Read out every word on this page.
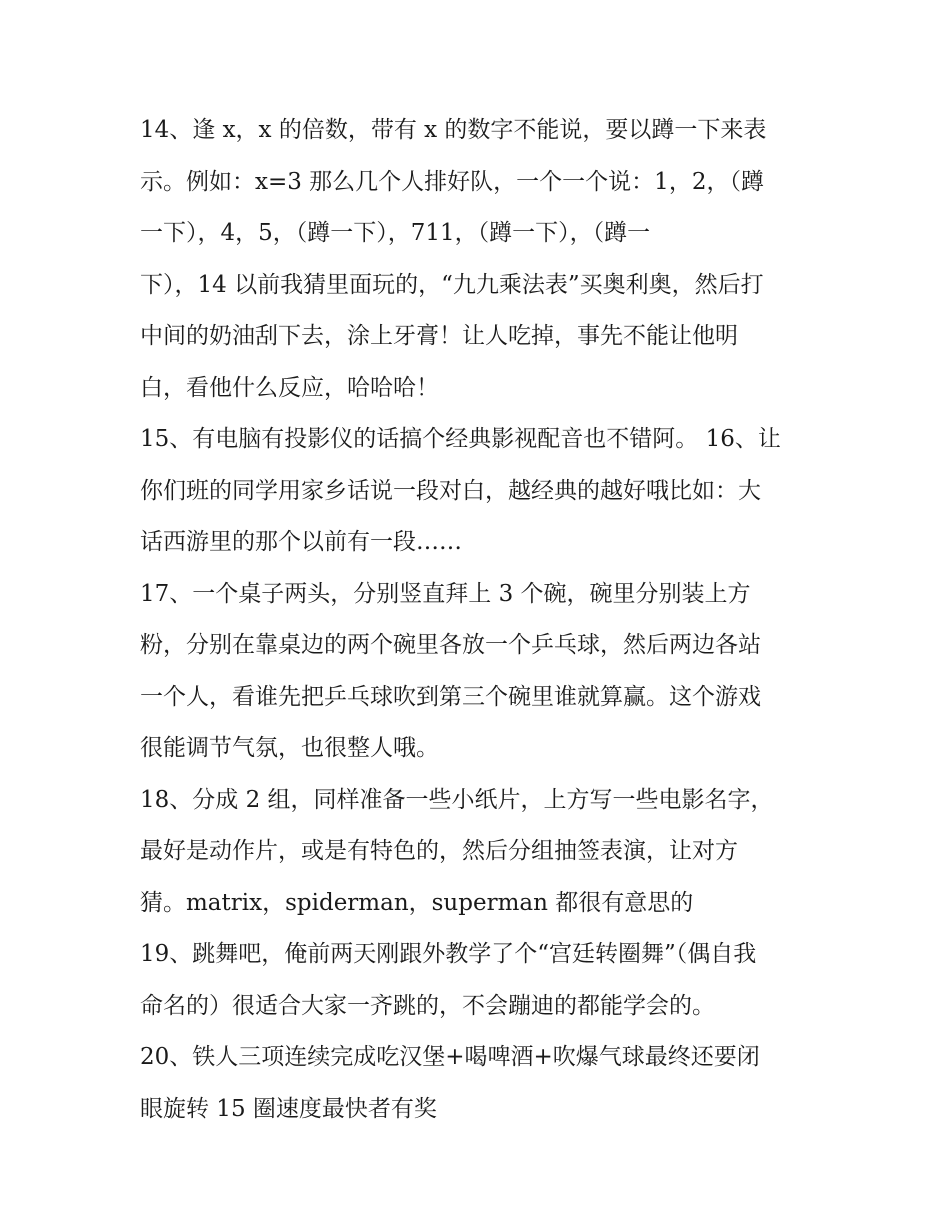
14、逢 x，x 的倍数，带有 x 的数字不能说，要以蹲一下来表
示。例如：x=3 那么几个人排好队，一个一个说：1，2，（蹲
一下），4，5，（蹲一下），711，（蹲一下），（蹲一
下），14 以前我猜里面玩的，“九九乘法表”买奥利奥，然后打
中间的奶油刮下去，涂上牙膏！让人吃掉，事先不能让他明
白，看他什么反应，哈哈哈！
15、有电脑有投影仪的话搞个经典影视配音也不错阿。 16、让
你们班的同学用家乡话说一段对白，越经典的越好哦比如：大
话西游里的那个以前有一段……
17、一个桌子两头，分别竖直拜上 3 个碗，碗里分别装上方
粉，分别在靠桌边的两个碗里各放一个乒乓球，然后两边各站
一个人，看谁先把乒乓球吹到第三个碗里谁就算赢。这个游戏
很能调节气氛，也很整人哦。
18、分成 2 组，同样准备一些小纸片，上方写一些电影名字，
最好是动作片，或是有特色的，然后分组抽签表演，让对方
猜。matrix，spiderman，superman 都很有意思的
19、跳舞吧，俺前两天刚跟外教学了个“宫廷转圈舞”（偶自我
命名的）很适合大家一齐跳的，不会蹦迪的都能学会的。
20、铁人三项连续完成吃汉堡+喝啤酒+吹爆气球最终还要闭
眼旋转 15 圈速度最快者有奖
